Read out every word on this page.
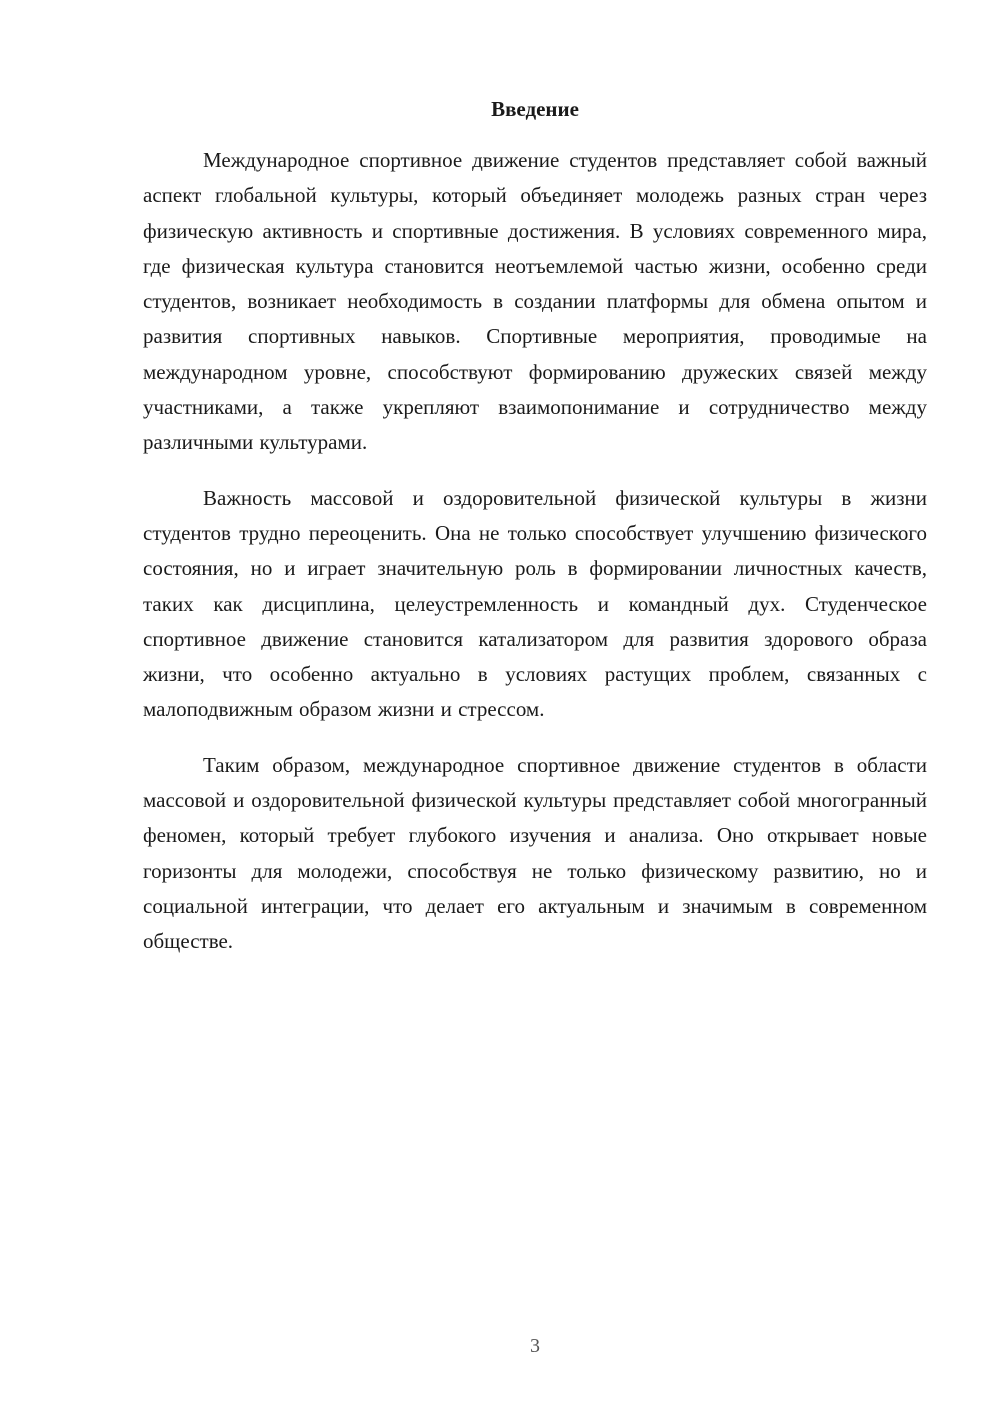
Введение

Международное спортивное движение студентов представляет собой важный аспект глобальной культуры, который объединяет молодежь разных стран через физическую активность и спортивные достижения. В условиях современного мира, где физическая культура становится неотъемлемой частью жизни, особенно среди студентов, возникает необходимость в создании платформы для обмена опытом и развития спортивных навыков. Спортивные мероприятия, проводимые на международном уровне, способствуют формированию дружеских связей между участниками, а также укрепляют взаимопонимание и сотрудничество между различными культурами.

Важность массовой и оздоровительной физической культуры в жизни студентов трудно переоценить. Она не только способствует улучшению физического состояния, но и играет значительную роль в формировании личностных качеств, таких как дисциплина, целеустремленность и командный дух. Студенческое спортивное движение становится катализатором для развития здорового образа жизни, что особенно актуально в условиях растущих проблем, связанных с малоподвижным образом жизни и стрессом.

Таким образом, международное спортивное движение студентов в области массовой и оздоровительной физической культуры представляет собой многогранный феномен, который требует глубокого изучения и анализа. Оно открывает новые горизонты для молодежи, способствуя не только физическому развитию, но и социальной интеграции, что делает его актуальным и значимым в современном обществе.

3
